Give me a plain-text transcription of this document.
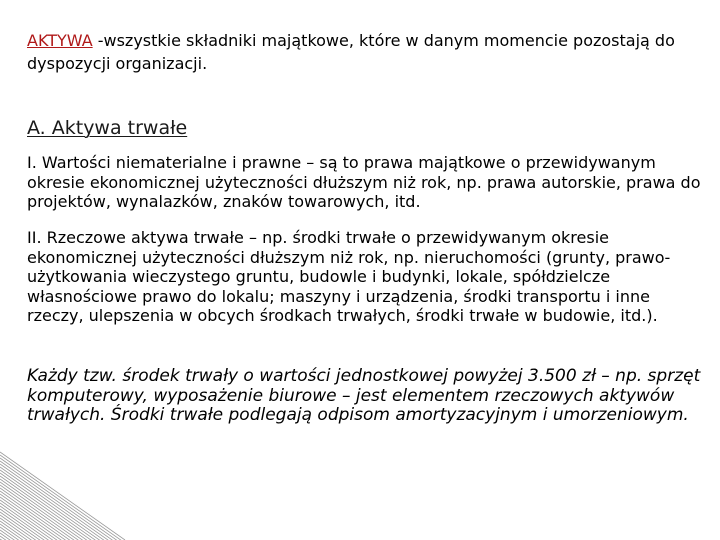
AKTYWA -wszystkie składniki majątkowe, które w danym momencie pozostają do dyspozycji organizacji.
A. Aktywa trwałe
I. Wartości niematerialne i prawne – są to prawa majątkowe o przewidywanym okresie ekonomicznej użyteczności dłuższym niż rok, np. prawa autorskie, prawa do projektów, wynalazków, znaków towarowych, itd.
II. Rzeczowe aktywa trwałe – np. środki trwałe o przewidywanym okresie ekonomicznej użyteczności dłuższym niż rok, np. nieruchomości (grunty, prawoużytkowania wieczystego gruntu, budowle i budynki, lokale, spółdzielcze własnościowe prawo do lokalu; maszyny i urządzenia, środki transportu i inne rzeczy, ulepszenia w obcych środkach trwałych, środki trwałe w budowie, itd.).
Każdy tzw. środek trwały o wartości jednostkowej powyżej 3.500 zł – np. sprzęt komputerowy, wyposażenie biurowe – jest elementem rzeczowych aktywów trwałych. Środki trwałe podlegają odpisom amortyzacyjnym i umorzeniowym.
